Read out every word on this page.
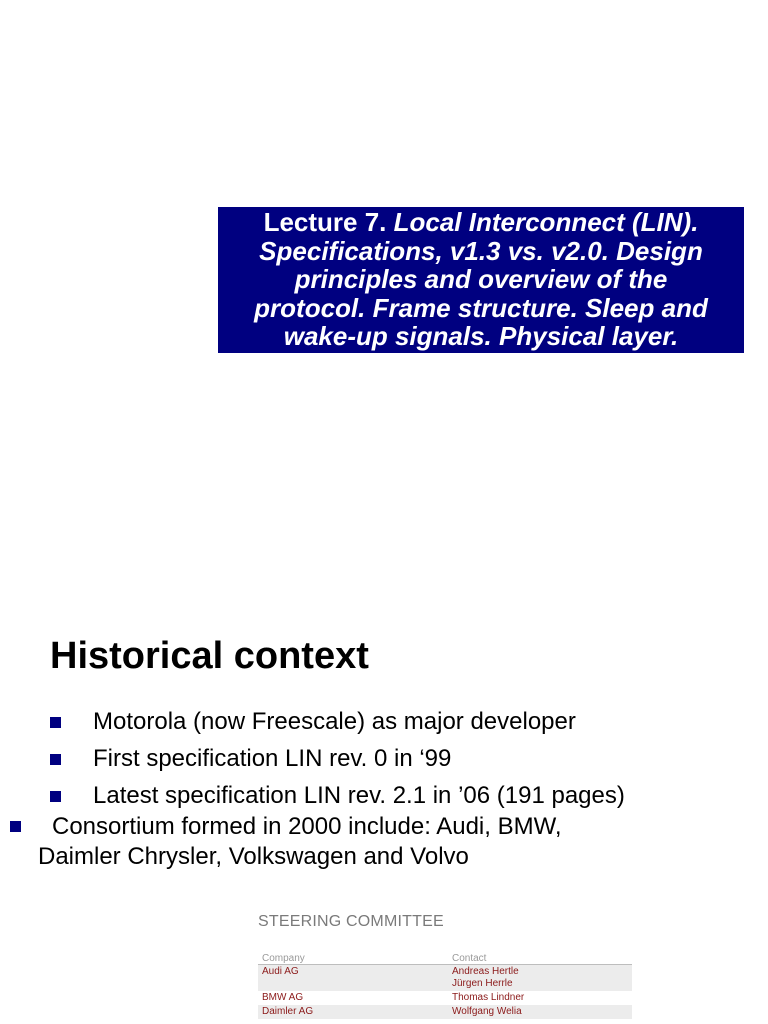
Lecture 7. Local Interconnect (LIN).
Specifications, v1.3 vs. v2.0. Design
principles and overview of the
protocol. Frame structure. Sleep and
wake-up signals. Physical layer.
Historical context
Motorola (now Freescale) as major developer
First specification LIN rev. 0 in ‘99
Latest specification LIN rev. 2.1 in ’06 (191 pages)
Consortium formed in 2000 include: Audi, BMW,
Daimler Chrysler, Volkswagen and Volvo
STEERING COMMITTEE
Company	Contact
Audi AG	Andreas Hertle
Jürgen Herrle

BMW AG	Thomas Lindner

Daimler AG	Wolfgang Welia
